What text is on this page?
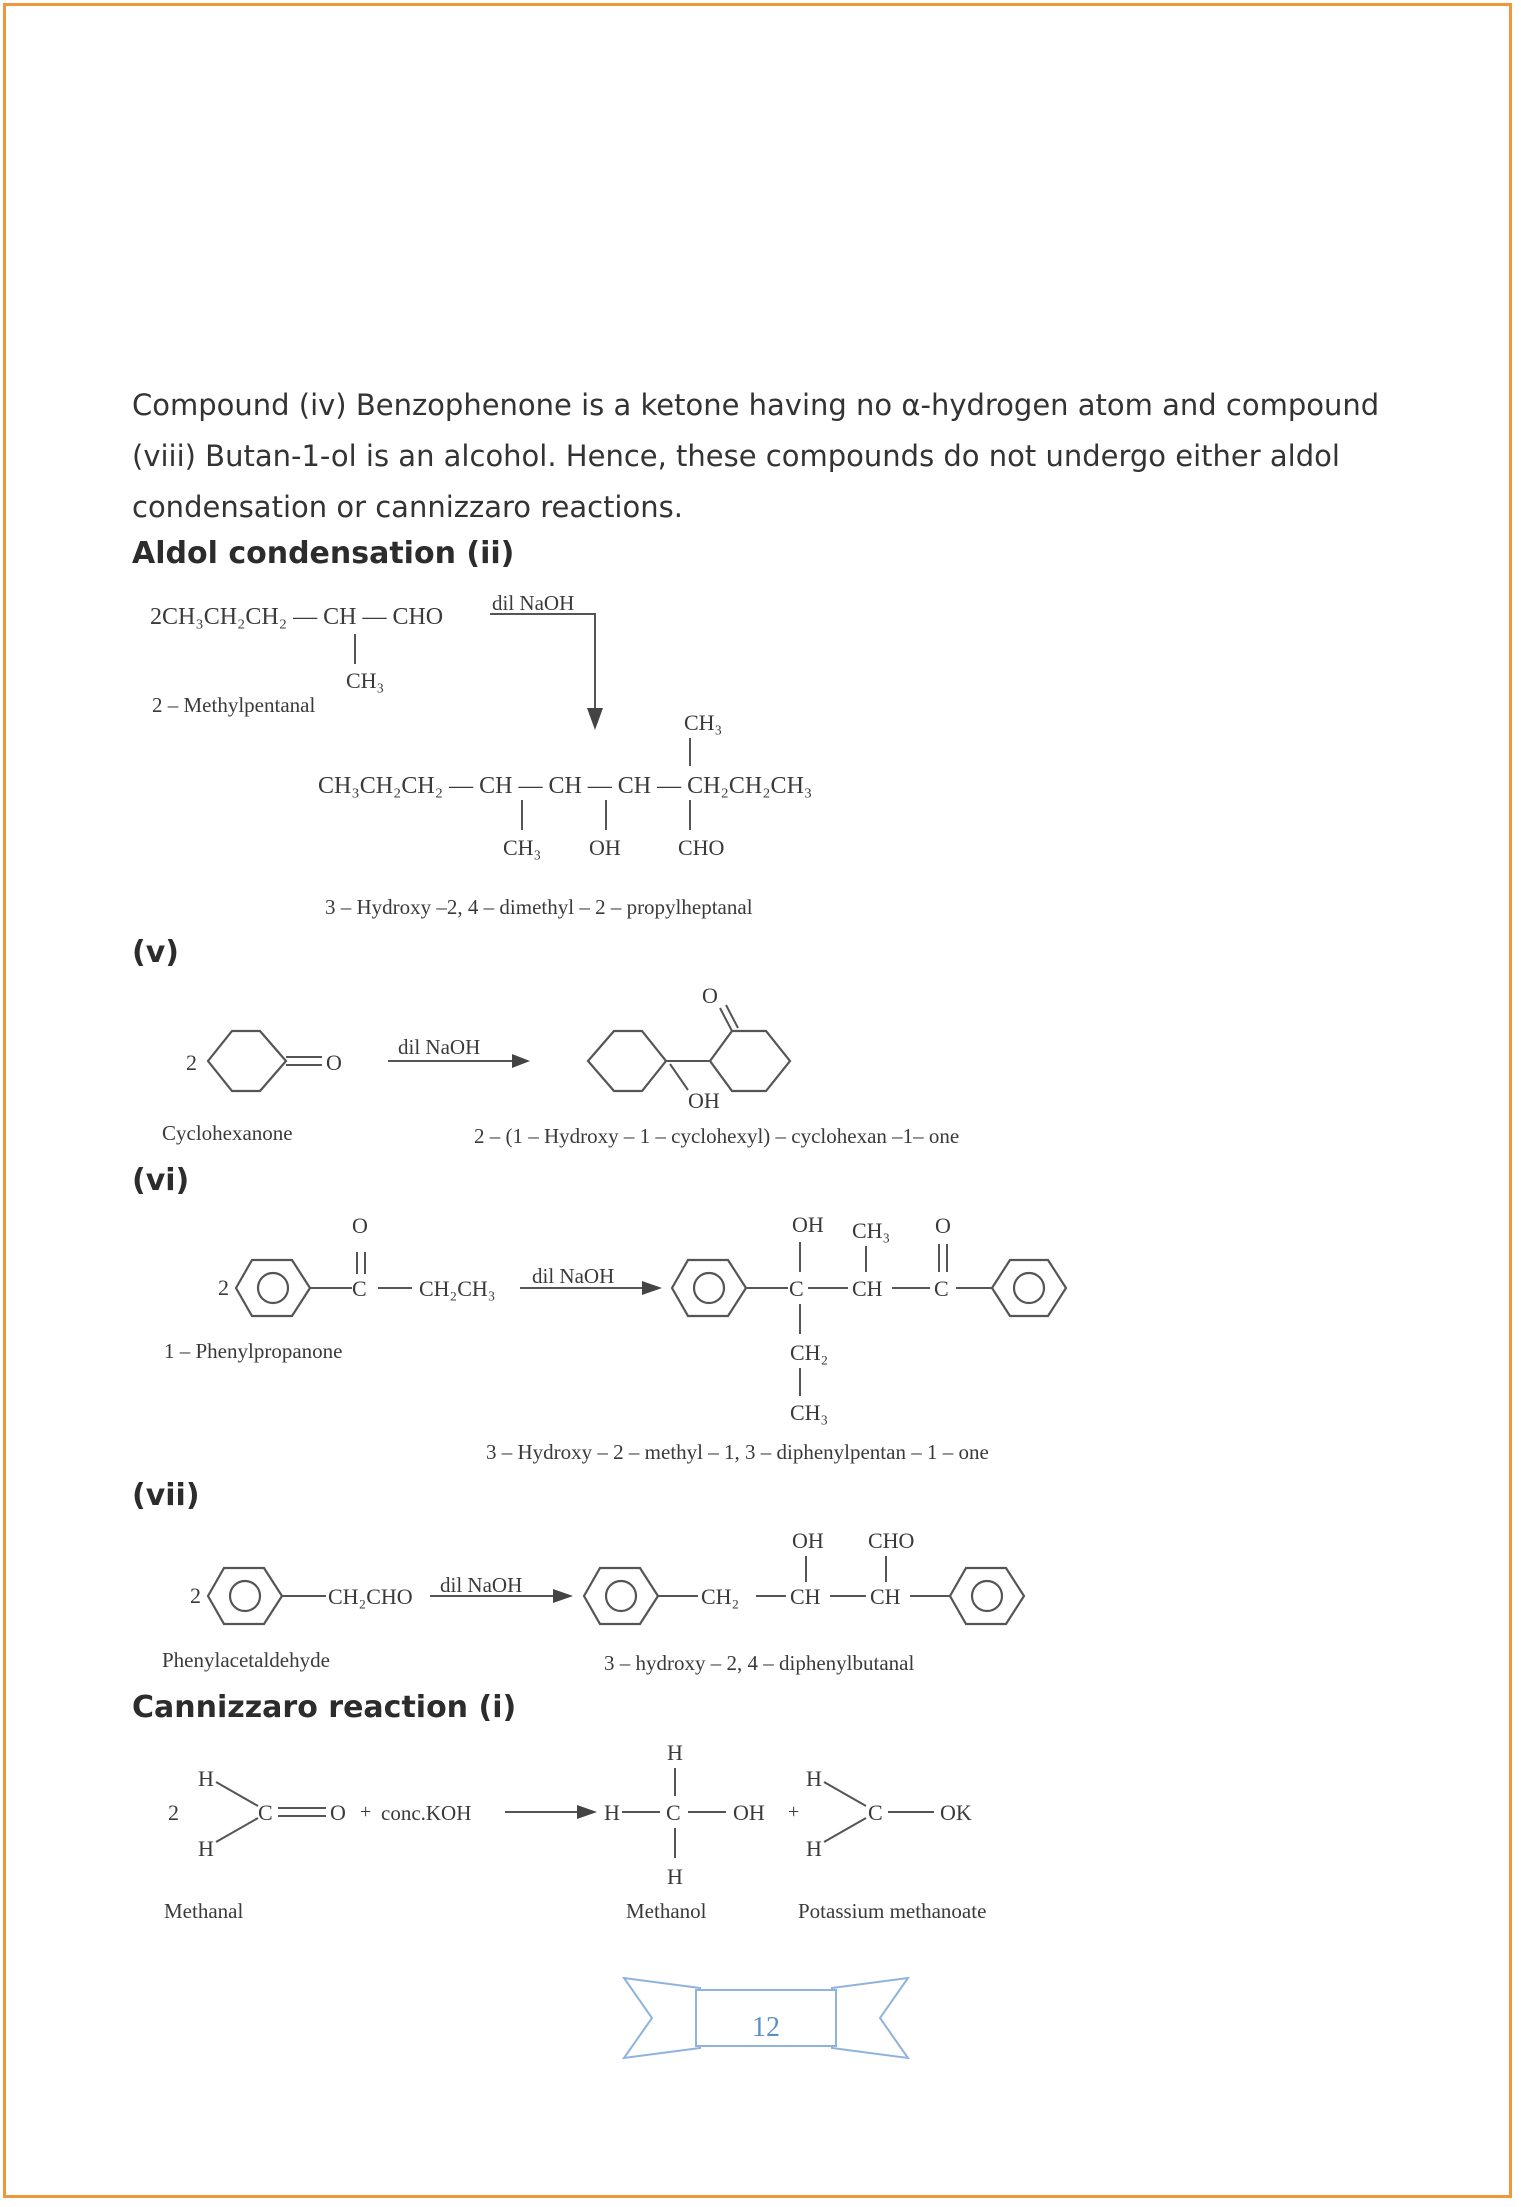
Compound (iv) Benzophenone is a ketone having no α-hydrogen atom and compound (viii) Butan-1-ol is an alcohol. Hence, these compounds do not undergo either aldol condensation or cannizzaro reactions.
Aldol condensation (ii)
(v)
(vi)
(vii)
Cannizzaro reaction (i)
2CH₃CH₂CH₂ — CH — CHO
CH₃
2 – Methylpentanal
dil NaOH
CH₃
CH₃CH₂CH₂ — CH — CH — CH — CH₂CH₂CH₃
CH₃ OH	CHO
3 – Hydroxy –2, 4 – dimethyl – 2 – propylheptanal
2	O
dil NaOH
O
OH
Cyclohexanone	2 – (1 – Hydroxy – 1 – cyclohexyl) – cyclohexan –1– one
2	C
O
CH₂CH₃ dil NaOH	C
OH
CH
CH₃
C
O
CH₂
CH₃
1 – Phenylpropanone
3 – Hydroxy – 2 – methyl – 1, 3 – diphenylpentan – 1 – one
2	CH₂CHO dil NaOH	CH₂ CH
OH
CH
CHO
Phenylacetaldehyde	3 – hydroxy – 2, 4 – diphenylbutanal
2
H
H
C	O + conc.KOH	H C
H
H
OH +
H
H
C	OK
Methanal	Methanol	Potassium methanoate
12
